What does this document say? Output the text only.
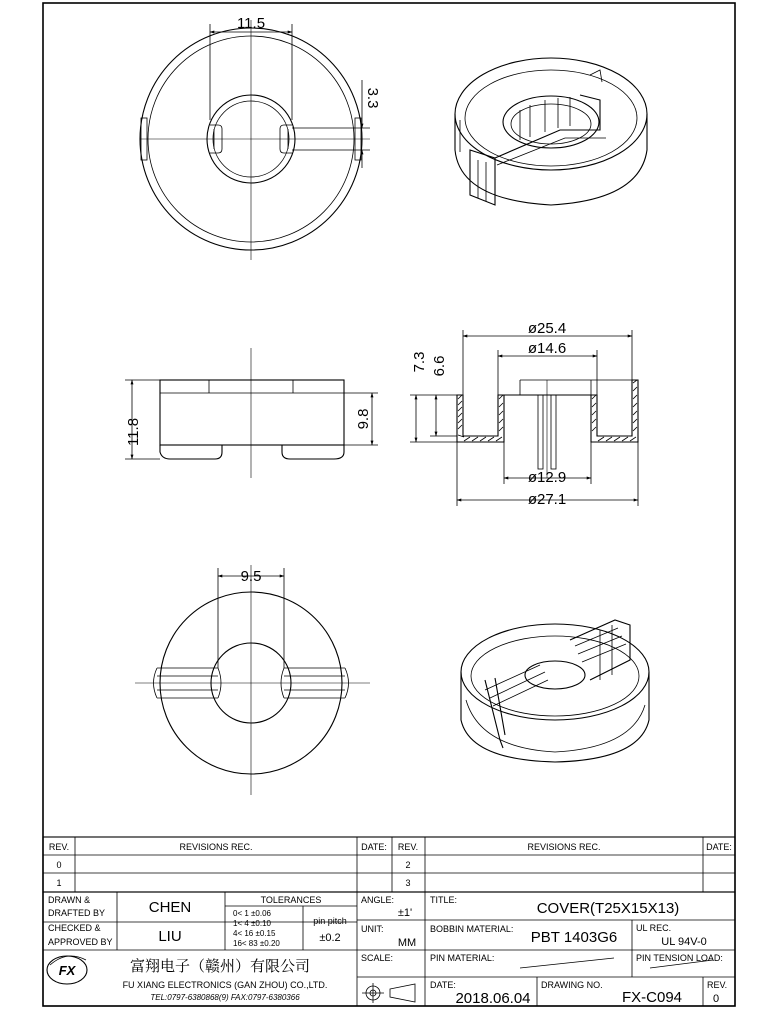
11.5
3.3
11.8	9.8
ø25.4
ø14.6
7.3 6.6
ø12.9
ø27.1
9.5
REV.	REVISIONS REC.	DATE: REV.	REVISIONS REC.	DATE:
0
1
2
3
DRAWN &
DRAFTED BY	CHEN
CHECKED &
APPROVED BY	LIU
TOLERANCES
0< 1 ±0.06
1< 4 ±0.10
4< 16 ±0.15
16< 83 ±0.20
pin pitch
±0.2
ANGLE:
±1'
UNIT:
MM
SCALE:
TITLE:	COVER(T25X15X13)
BOBBIN MATERIAL: PBT 1403G6
UL REC.
UL 94V-0
PIN MATERIAL:	PIN TENSION LOAD:
DATE:
2018.06.04
DRAWING NO.
FX-C094
REV.
0
FX	富翔电子（赣州）有限公司
FU XIANG ELECTRONICS (GAN ZHOU) CO.,LTD.
TEL:0797-6380868(9) FAX:0797-6380366
